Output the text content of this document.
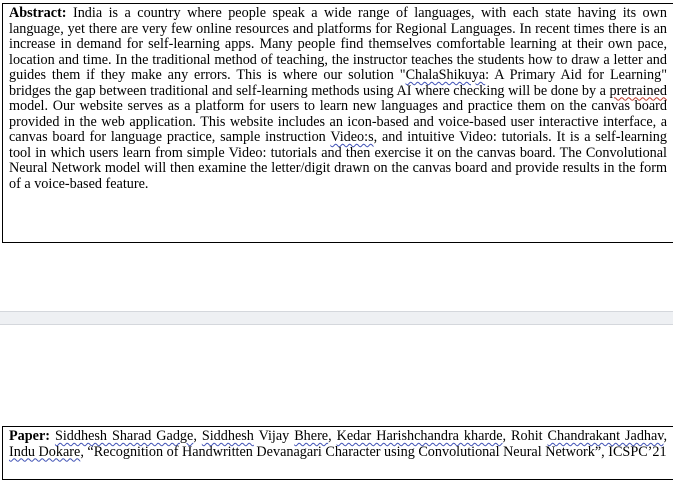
Abstract: India is a country where people speak a wide range of languages, with each state having its own language, yet there are very few online resources and platforms for Regional Languages. In recent times there is an increase in demand for self-learning apps. Many people find themselves comfortable learning at their own pace, location and time. In the traditional method of teaching, the instructor teaches the students how to draw a letter and guides them if they make any errors. This is where our solution "ChalaShikuya: A Primary Aid for Learning" bridges the gap between traditional and self-learning methods using AI where checking will be done by a pretrained model. Our website serves as a platform for users to learn new languages and practice them on the canvas board provided in the web application. This website includes an icon-based and voice-based user interactive interface, a canvas board for language practice, sample instruction Video:s, and intuitive Video: tutorials. It is a self-learning tool in which users learn from simple Video: tutorials and then exercise it on the canvas board. The Convolutional Neural Network model will then examine the letter/digit drawn on the canvas board and provide results in the form of a voice-based feature.
Paper: Siddhesh Sharad Gadge, Siddhesh Vijay Bhere, Kedar Harishchandra kharde, Rohit Chandrakant Jadhav, Indu Dokare, “Recognition of Handwritten Devanagari Character using Convolutional Neural Network”, ICSPC’21
